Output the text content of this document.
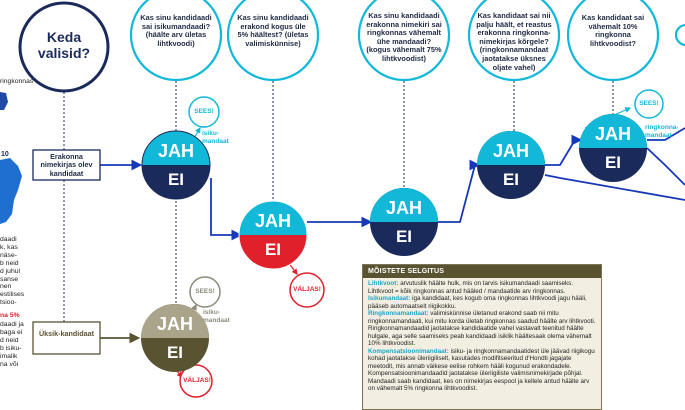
Keda valisid?
Kas sinu kandidaadi sai isikumandaadi? (häälte arv ületas lihtkvoodi)
Kas sinu kandidaadi erakond kogus üle 5% häältest? (ületas valimiskünnise)
Kas sinu kandidaadi erakonna nimekiri sai ringkonnas vähemalt ühe mandaadi? (kogus vähemalt 75% lihtkvoodist)
Kas kandidaat sai nii palju häält, et reastus erakonna ringkonna-nimekirjas kõrgele? (ringkonnamandaat jaotatakse üksnes oljate vahel)
Kas kandidaat sai vähemalt 10% ringkonna lihtkvoodist?
Erakonna nimekirjas olev kandidaat
Üksik-kandidaat
JAH
EI
JAH
EI
JAH
EI
JAH
EI
JAH
EI
JAH
EI
SEES!
isiku-mandaat
SEES!
ringkonna-mandaat
SEES!
isiku-mandaat
VÄLJAS!
VÄLJAS!
ringkonnas
10
daadi
k, kas
näse-
b neid
d juhul
sanse
nen
estilises
tsioo-
na 5%
daadi ja
baga ei
d neid
b isiku-
imalik
na või
MÕISTETE SELGITUS
Lihtkvoot: arvutuslik häälte hulk, mis on tarvis isikumandaadi saamiseks. Lihtkvoot = kõik ringkonnas antud hääled / mandaatide arv ringkonnas.
Isikumandaat: iga kandidaat, kes kogub oma ringkonnas lihtkvoodi jagu hääli, pääseb automaatselt riigikokku.
Ringkonnamandaat: valimiskünnise ületanud erakond saab nii mitu ringkonnamandaati, kui mitu korda ületab ringkonnas saadud häälte arv lihtkvooti. Ringkonnamandaadid jaotatakse kandidaatide vahel vastavalt teenitud häälte hulgale, aga selle saamiseks peab kandidaadi isiklik häältesaak olema vähemalt 10% lihtkvoodist.
Kompensatsioonimandaat: isiku- ja ringkonnamandaatidest üle jäävad riigikogu kohad jaotatakse üleriigiliselt, kasutades modifitseeritud d'Hondti jagajate meetodit, mis annab väikese eelise rohkem hääli kogunud erakondadele. Kompensatsioonimandaadid jaotatakse üleriigiliste valimisnimekirjade põhjal. Mandaadi saab kandidaat, kes on nimekirjas eespool ja kellele antud häälte arv on vähemalt 5% ringkonna lihtkvoodist.
